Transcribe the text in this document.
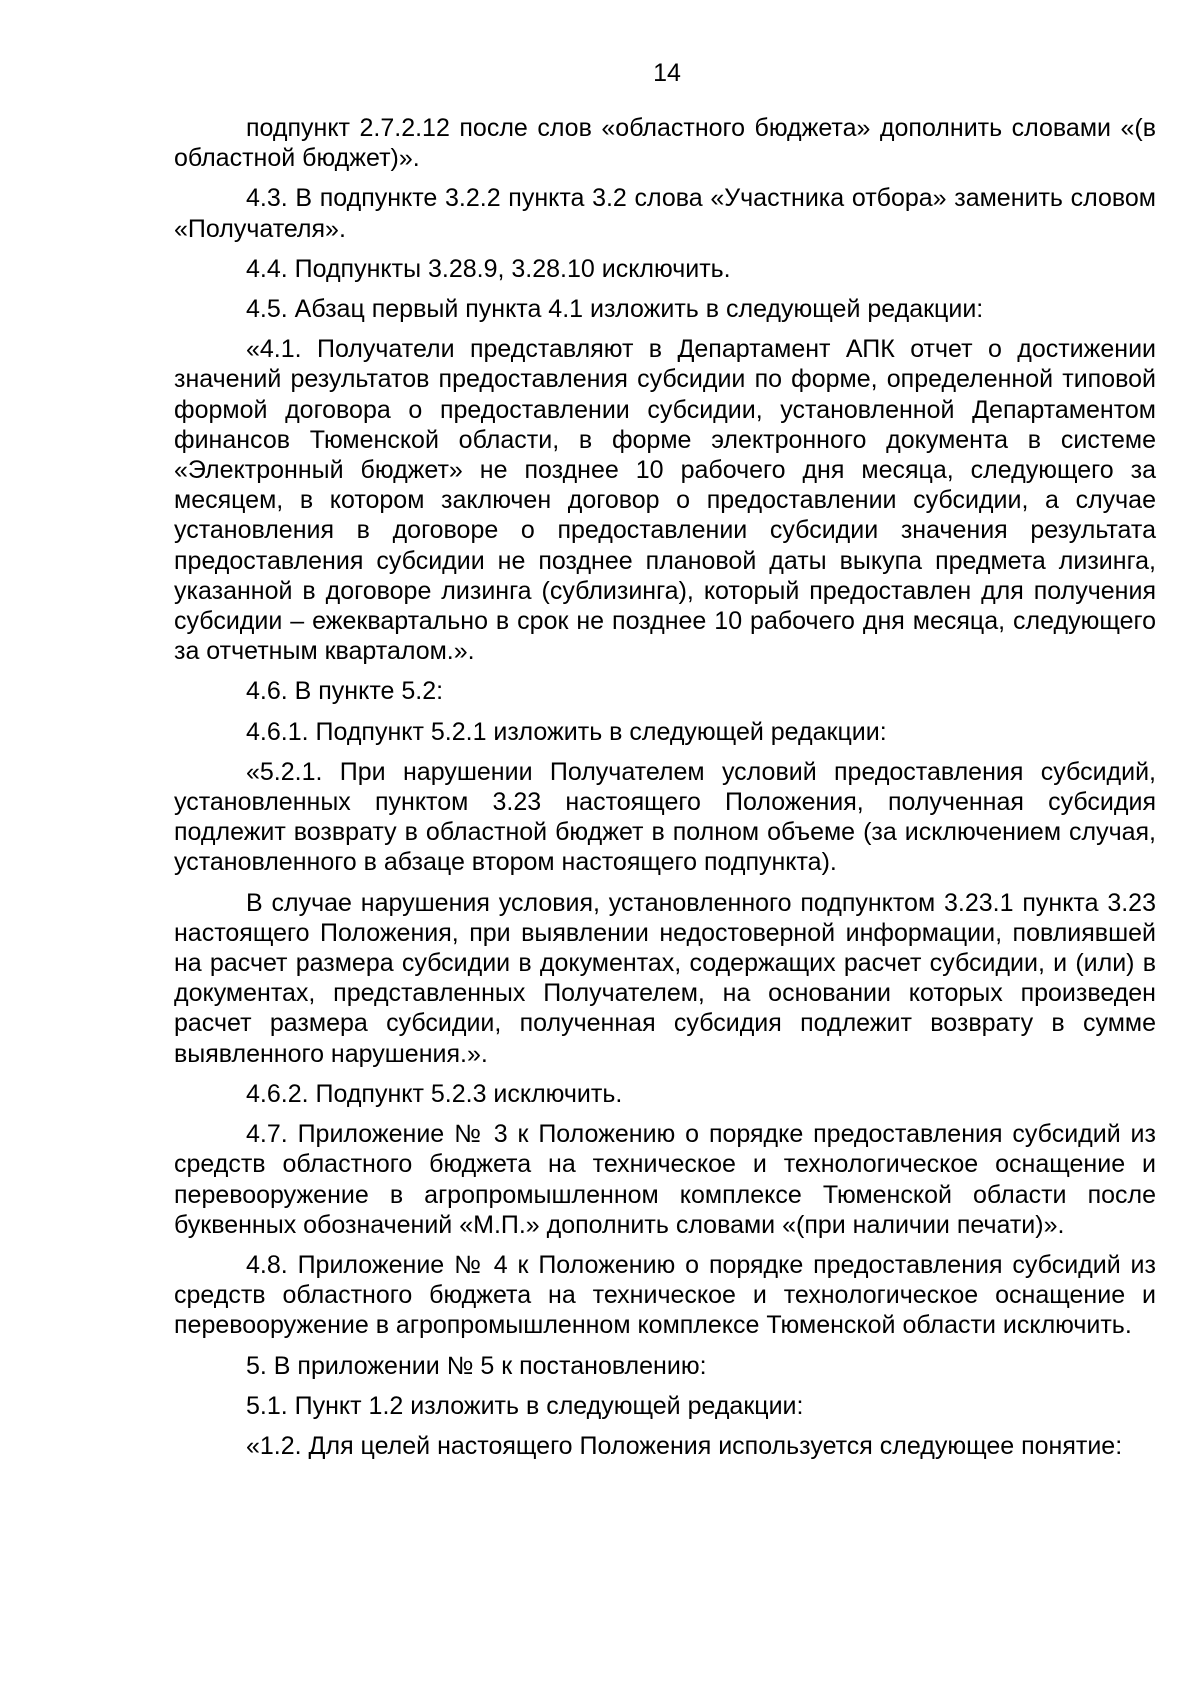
14

подпункт 2.7.2.12 после слов «областного бюджета» дополнить словами «(в областной бюджет)».

4.3. В подпункте 3.2.2 пункта 3.2 слова «Участника отбора» заменить словом «Получателя».

4.4. Подпункты 3.28.9, 3.28.10 исключить.

4.5. Абзац первый пункта 4.1 изложить в следующей редакции:

«4.1. Получатели представляют в Департамент АПК отчет о достижении значений результатов предоставления субсидии по форме, определенной типовой формой договора о предоставлении субсидии, установленной Департаментом финансов Тюменской области, в форме электронного документа в системе «Электронный бюджет» не позднее 10 рабочего дня месяца, следующего за месяцем, в котором заключен договор о предоставлении субсидии, а случае установления в договоре о предоставлении субсидии значения результата предоставления субсидии не позднее плановой даты выкупа предмета лизинга, указанной в договоре лизинга (сублизинга), который предоставлен для получения субсидии – ежеквартально в срок не позднее 10 рабочего дня месяца, следующего за отчетным кварталом.».

4.6. В пункте 5.2:

4.6.1. Подпункт 5.2.1 изложить в следующей редакции:

«5.2.1. При нарушении Получателем условий предоставления субсидий, установленных пунктом 3.23 настоящего Положения, полученная субсидия подлежит возврату в областной бюджет в полном объеме (за исключением случая, установленного в абзаце втором настоящего подпункта).

В случае нарушения условия, установленного подпунктом 3.23.1 пункта 3.23 настоящего Положения, при выявлении недостоверной информации, повлиявшей на расчет размера субсидии в документах, содержащих расчет субсидии, и (или) в документах, представленных Получателем, на основании которых произведен расчет размера субсидии, полученная субсидия подлежит возврату в сумме выявленного нарушения.».

4.6.2. Подпункт 5.2.3 исключить.

4.7. Приложение № 3 к Положению о порядке предоставления субсидий из средств областного бюджета на техническое и технологическое оснащение и перевооружение в агропромышленном комплексе Тюменской области после буквенных обозначений «М.П.» дополнить словами «(при наличии печати)».

4.8. Приложение № 4 к Положению о порядке предоставления субсидий из средств областного бюджета на техническое и технологическое оснащение и перевооружение в агропромышленном комплексе Тюменской области исключить.

5. В приложении № 5 к постановлению:

5.1. Пункт 1.2 изложить в следующей редакции:

«1.2. Для целей настоящего Положения используется следующее понятие:
